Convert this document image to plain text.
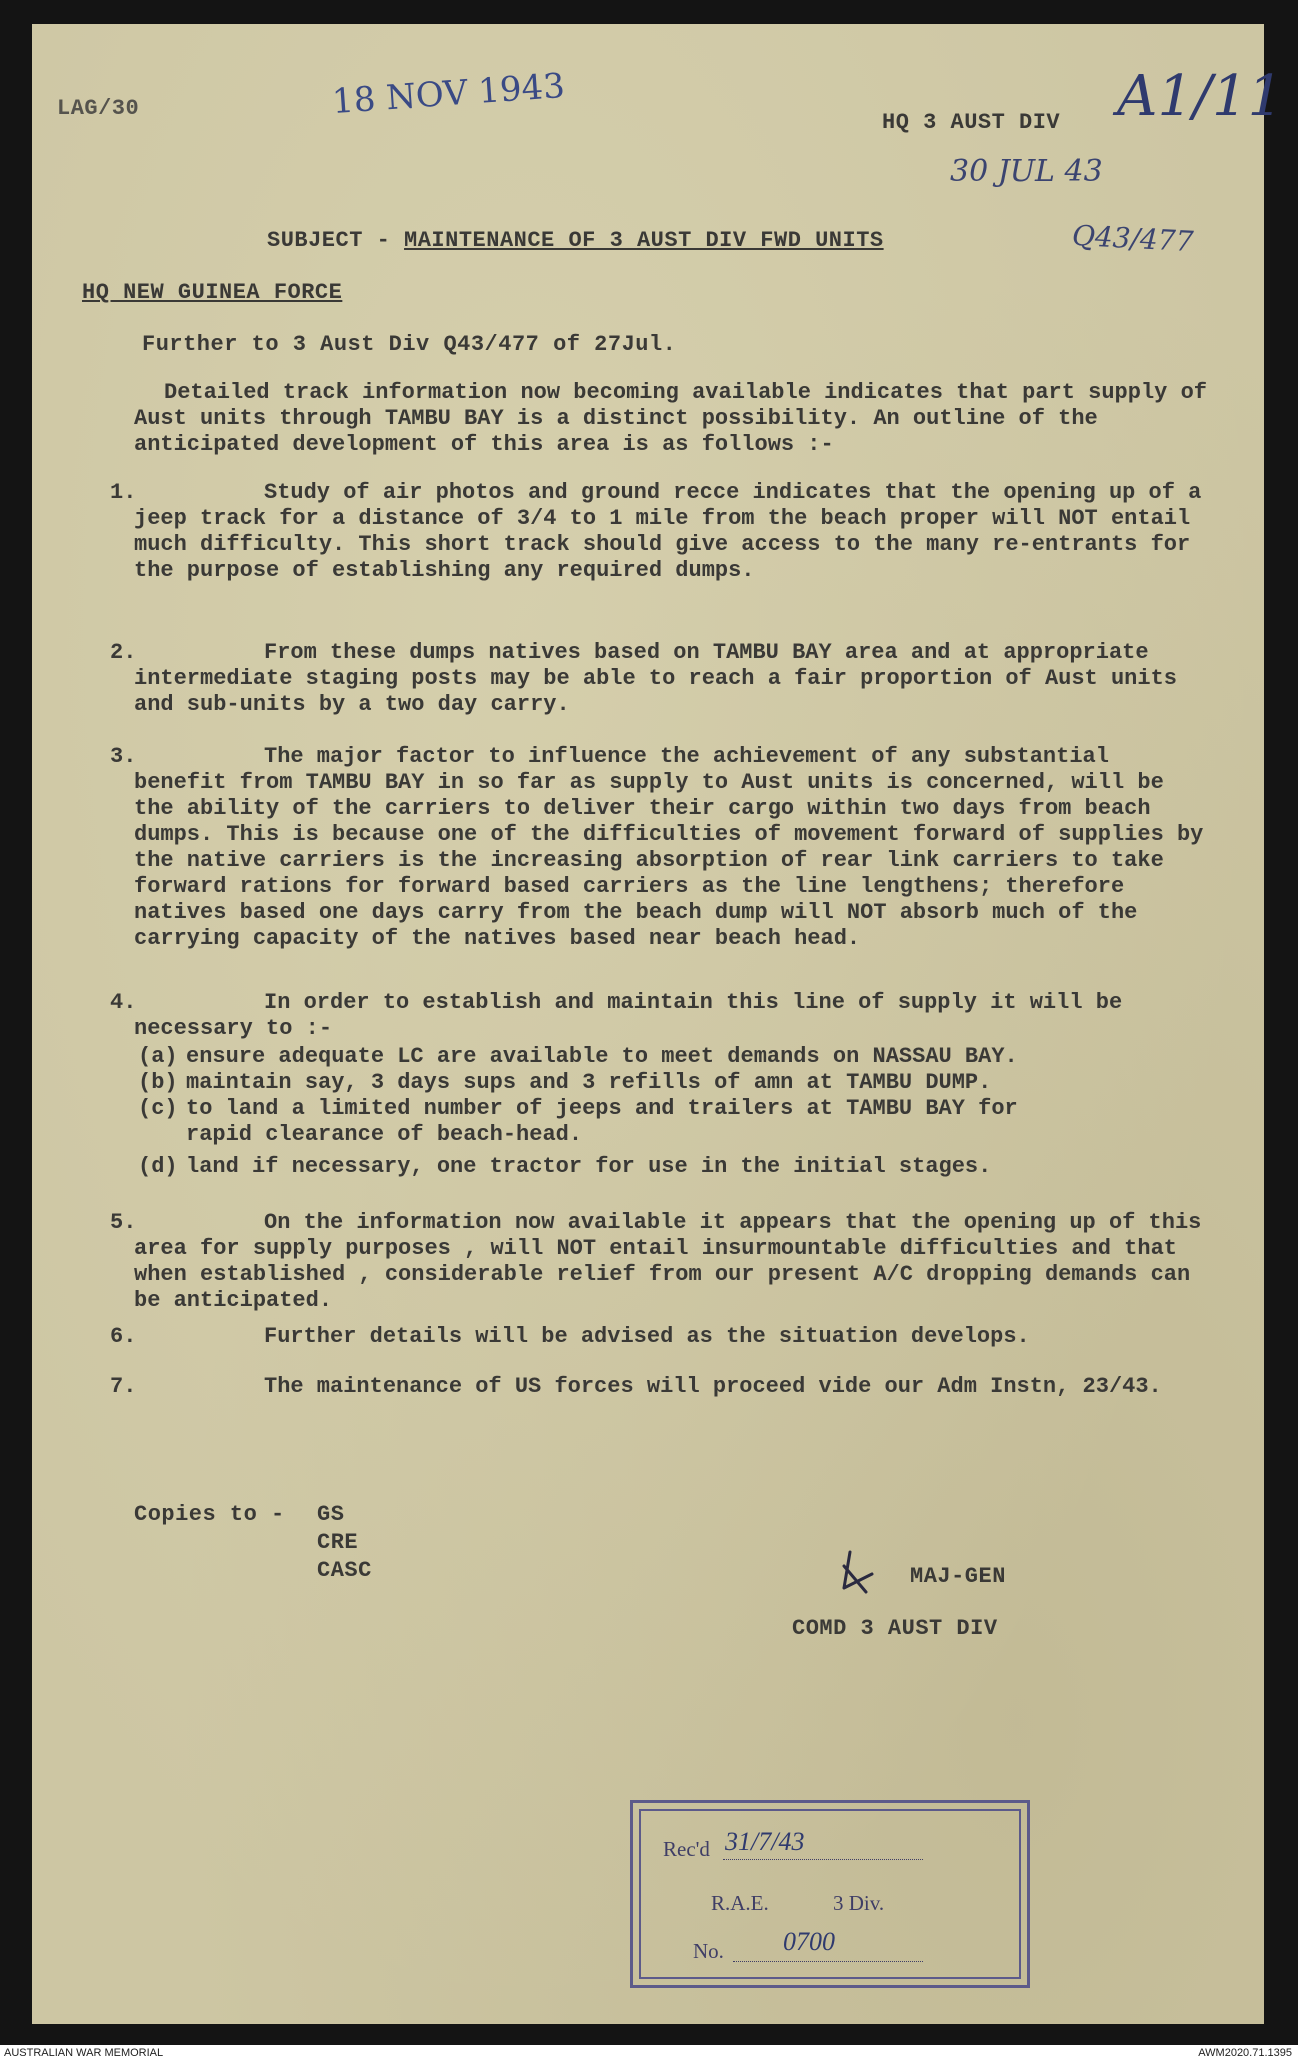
LAG/30	18 NOV 1943	A1/11
HQ 3 AUST DIV
30 JUL 43
Q43/477
SUBJECT - MAINTENANCE OF 3 AUST DIV FWD UNITS
HQ NEW GUINEA FORCE
Further to 3 Aust Div Q43/477 of 27Jul.
Detailed track information now becoming available indicates that part supply of Aust units through TAMBU BAY is a distinct possibility. An outline of the anticipated development of this area is as follows :-
1.	Study of air photos and ground recce indicates that the opening up of a jeep track for a distance of 3/4 to 1 mile from the beach proper will NOT entail much difficulty. This short track should give access to the many re-entrants for the purpose of establishing any required dumps.
2.	From these dumps natives based on TAMBU BAY area and at appropriate intermediate staging posts may be able to reach a fair proportion of Aust units and sub-units by a two day carry.
3.	The major factor to influence the achievement of any substantial benefit from TAMBU BAY in so far as supply to Aust units is concerned, will be the ability of the carriers to deliver their cargo within two days from beach dumps. This is because one of the difficulties of movement forward of supplies by the native carriers is the increasing absorption of rear link carriers to take forward rations for forward based carriers as the line lengthens; therefore natives based one days carry from the beach dump will NOT absorb much of the carrying capacity of the natives based near beach head.
4.	In order to establish and maintain this line of supply it will be necessary to :-
(a) ensure adequate LC are available to meet demands on NASSAU BAY.
(b) maintain say, 3 days sups and 3 refills of amn at TAMBU DUMP.
(c) to land a limited number of jeeps and trailers at TAMBU BAY for
rapid clearance of beach-head.
(d) land if necessary, one tractor for use in the initial stages.
5.	On the information now available it appears that the opening up of this area for supply purposes , will NOT entail insurmountable difficulties and that when established , considerable relief from our present A/C dropping demands can be anticipated.
6.	Further details will be advised as the situation develops.
7.	The maintenance of US forces will proceed vide our Adm Instn, 23/43.
Copies to - GS
CRE
CASC	MAJ-GEN
COMD 3 AUST DIV
Rec'd 31/7/43
R.A.E.	3 Div.
No. 0700
AUSTRALIAN WAR MEMORIAL	AWM2020.71.1395
